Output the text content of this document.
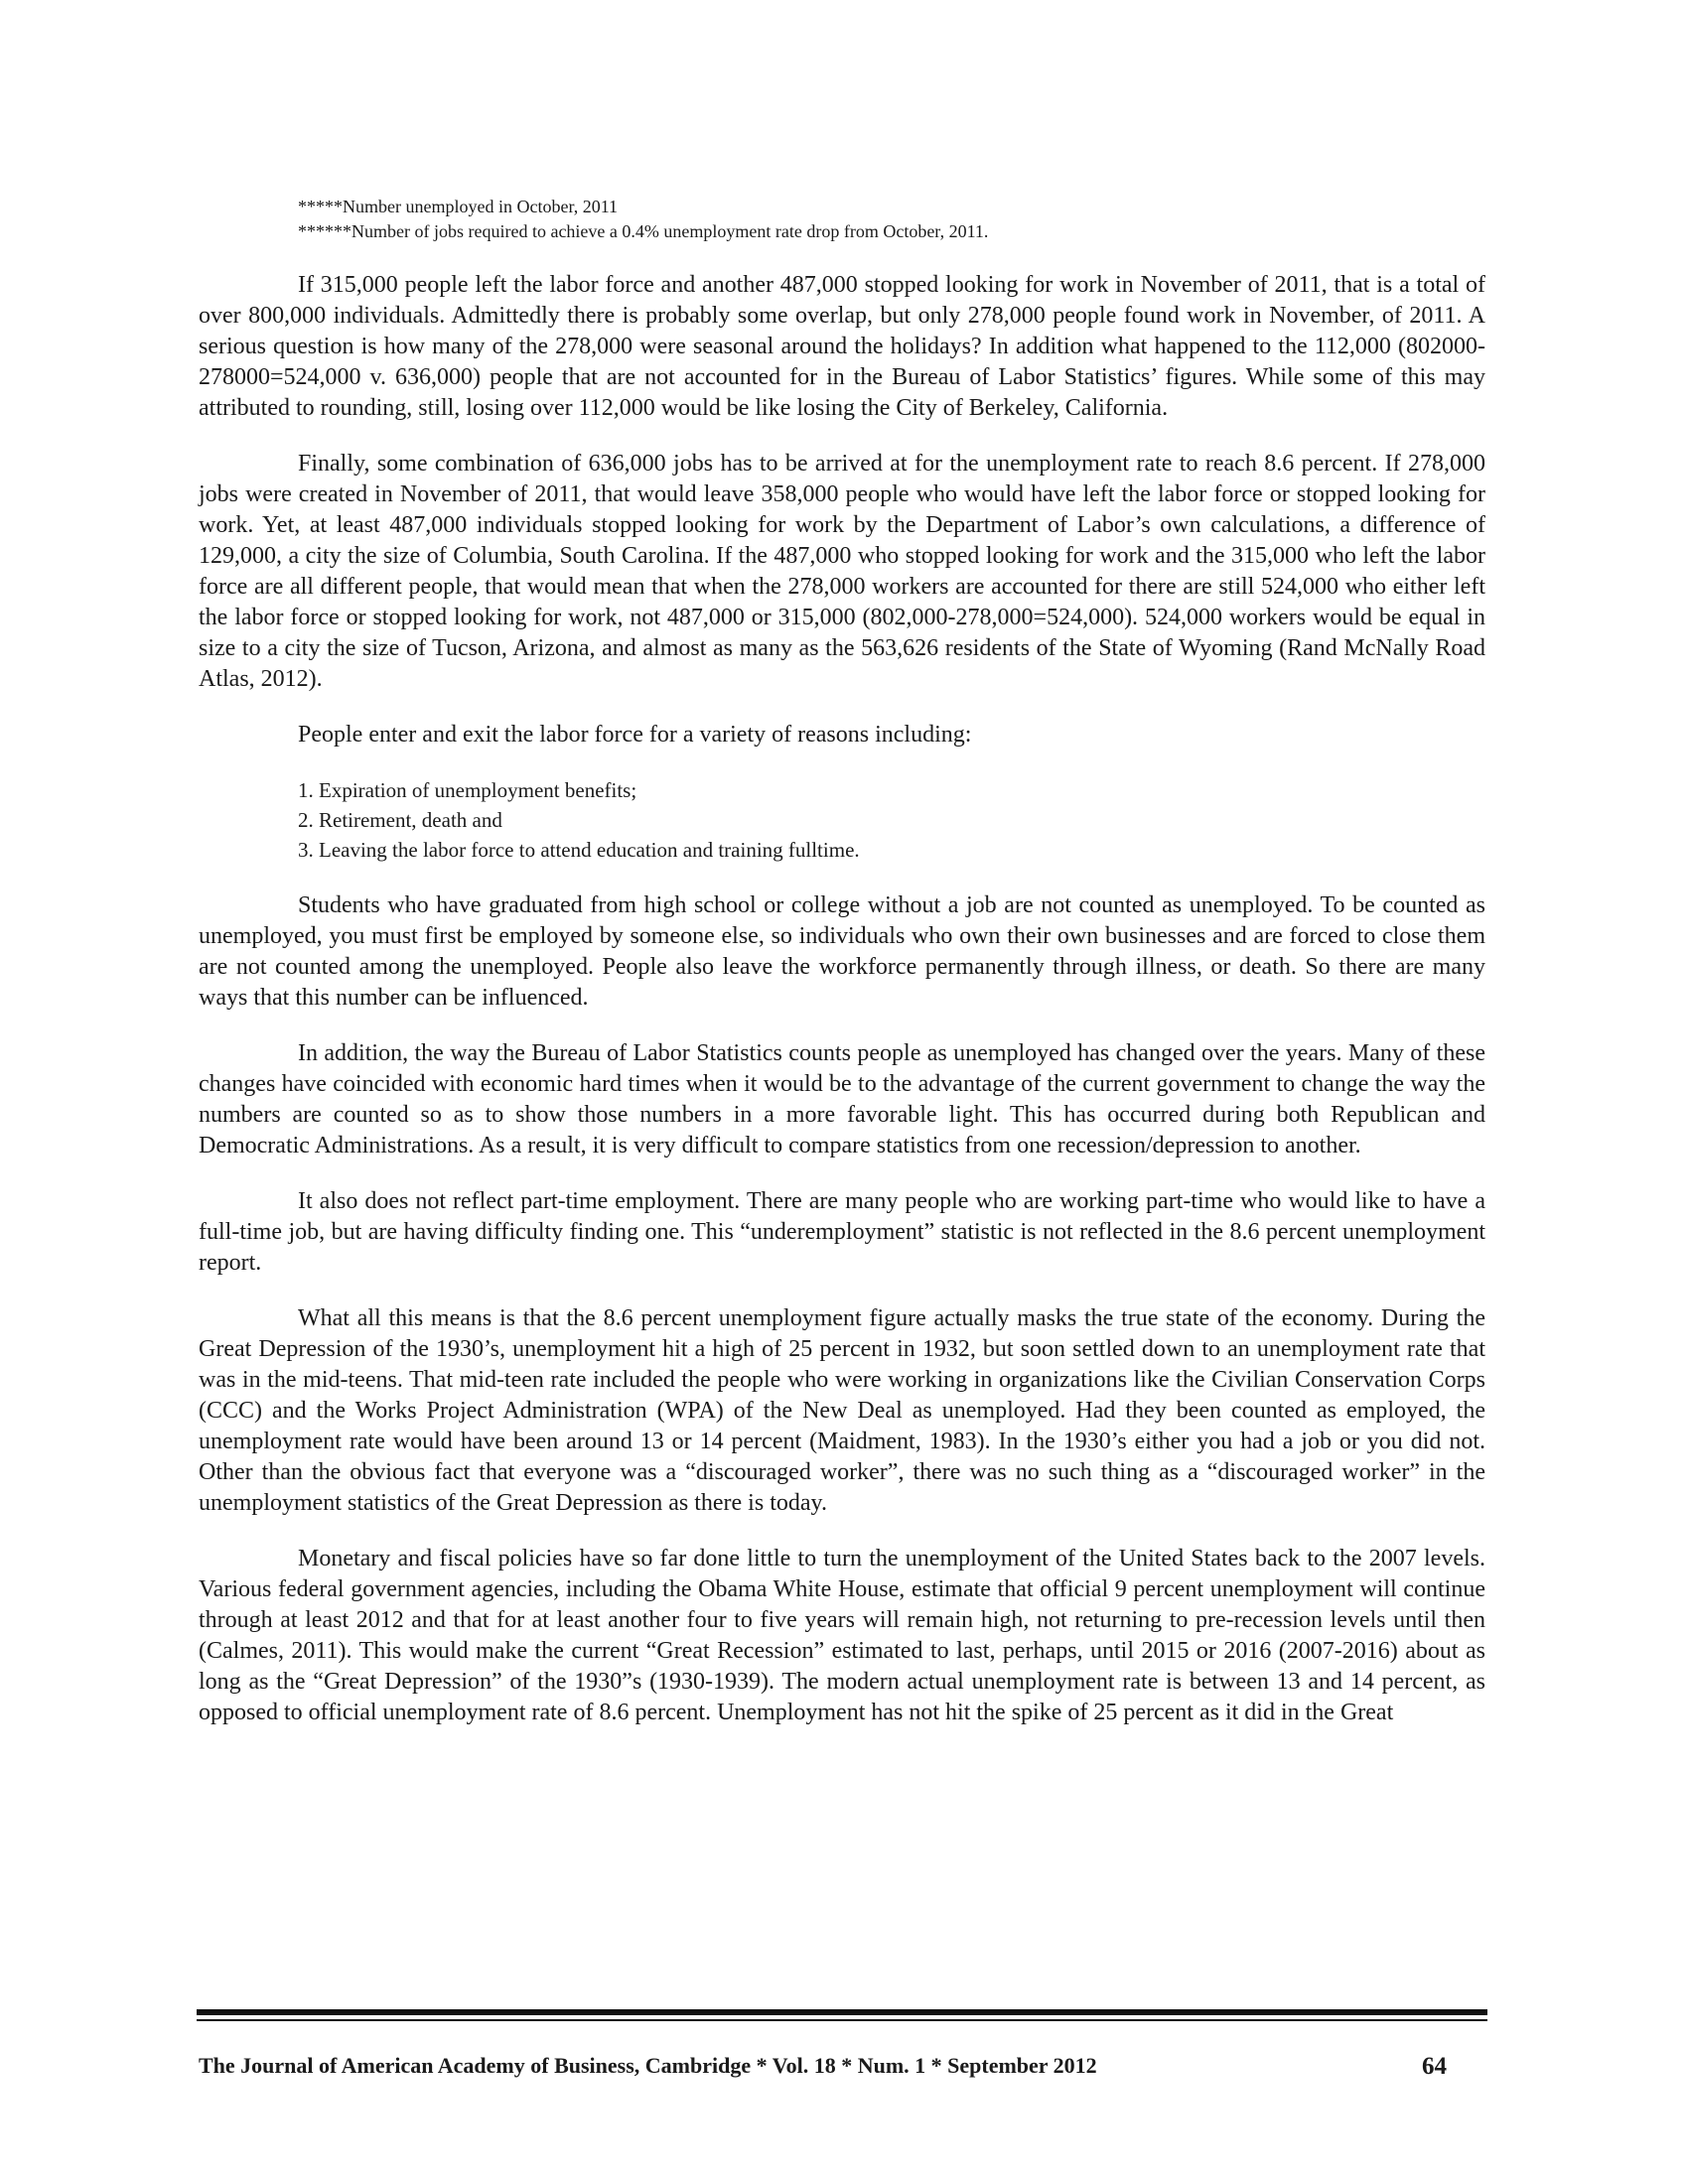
*****Number unemployed in October, 2011

******Number of jobs required to achieve a 0.4% unemployment rate drop from October, 2011.

If 315,000 people left the labor force and another 487,000 stopped looking for work in November of 2011, that is a total of over 800,000 individuals. Admittedly there is probably some overlap, but only 278,000 people found work in November, of 2011. A serious question is how many of the 278,000 were seasonal around the holidays? In addition what happened to the 112,000 (802000-278000=524,000 v. 636,000) people that are not accounted for in the Bureau of Labor Statistics’ figures. While some of this may attributed to rounding, still, losing over 112,000 would be like losing the City of Berkeley, California.

Finally, some combination of 636,000 jobs has to be arrived at for the unemployment rate to reach 8.6 percent. If 278,000 jobs were created in November of 2011, that would leave 358,000 people who would have left the labor force or stopped looking for work. Yet, at least 487,000 individuals stopped looking for work by the Department of Labor’s own calculations, a difference of 129,000, a city the size of Columbia, South Carolina. If the 487,000 who stopped looking for work and the 315,000 who left the labor force are all different people, that would mean that when the 278,000 workers are accounted for there are still 524,000 who either left the labor force or stopped looking for work, not 487,000 or 315,000 (802,000-278,000=524,000). 524,000 workers would be equal in size to a city the size of Tucson, Arizona, and almost as many as the 563,626 residents of the State of Wyoming (Rand McNally Road Atlas, 2012).

People enter and exit the labor force for a variety of reasons including:

1. Expiration of unemployment benefits;
2. Retirement, death and
3. Leaving the labor force to attend education and training fulltime.

Students who have graduated from high school or college without a job are not counted as unemployed. To be counted as unemployed, you must first be employed by someone else, so individuals who own their own businesses and are forced to close them are not counted among the unemployed. People also leave the workforce permanently through illness, or death. So there are many ways that this number can be influenced.

In addition, the way the Bureau of Labor Statistics counts people as unemployed has changed over the years. Many of these changes have coincided with economic hard times when it would be to the advantage of the current government to change the way the numbers are counted so as to show those numbers in a more favorable light. This has occurred during both Republican and Democratic Administrations. As a result, it is very difficult to compare statistics from one recession/depression to another.

It also does not reflect part-time employment. There are many people who are working part-time who would like to have a full-time job, but are having difficulty finding one. This “underemployment” statistic is not reflected in the 8.6 percent unemployment report.

What all this means is that the 8.6 percent unemployment figure actually masks the true state of the economy. During the Great Depression of the 1930’s, unemployment hit a high of 25 percent in 1932, but soon settled down to an unemployment rate that was in the mid-teens. That mid-teen rate included the people who were working in organizations like the Civilian Conservation Corps (CCC) and the Works Project Administration (WPA) of the New Deal as unemployed. Had they been counted as employed, the unemployment rate would have been around 13 or 14 percent (Maidment, 1983). In the 1930’s either you had a job or you did not. Other than the obvious fact that everyone was a “discouraged worker”, there was no such thing as a “discouraged worker” in the unemployment statistics of the Great Depression as there is today.

Monetary and fiscal policies have so far done little to turn the unemployment of the United States back to the 2007 levels. Various federal government agencies, including the Obama White House, estimate that official 9 percent unemployment will continue through at least 2012 and that for at least another four to five years will remain high, not returning to pre-recession levels until then (Calmes, 2011). This would make the current “Great Recession” estimated to last, perhaps, until 2015 or 2016 (2007-2016) about as long as the “Great Depression” of the 1930”s (1930-1939). The modern actual unemployment rate is between 13 and 14 percent, as opposed to official unemployment rate of 8.6 percent. Unemployment has not hit the spike of 25 percent as it did in the Great

The Journal of American Academy of Business, Cambridge * Vol. 18 * Num. 1 * September 2012	64
